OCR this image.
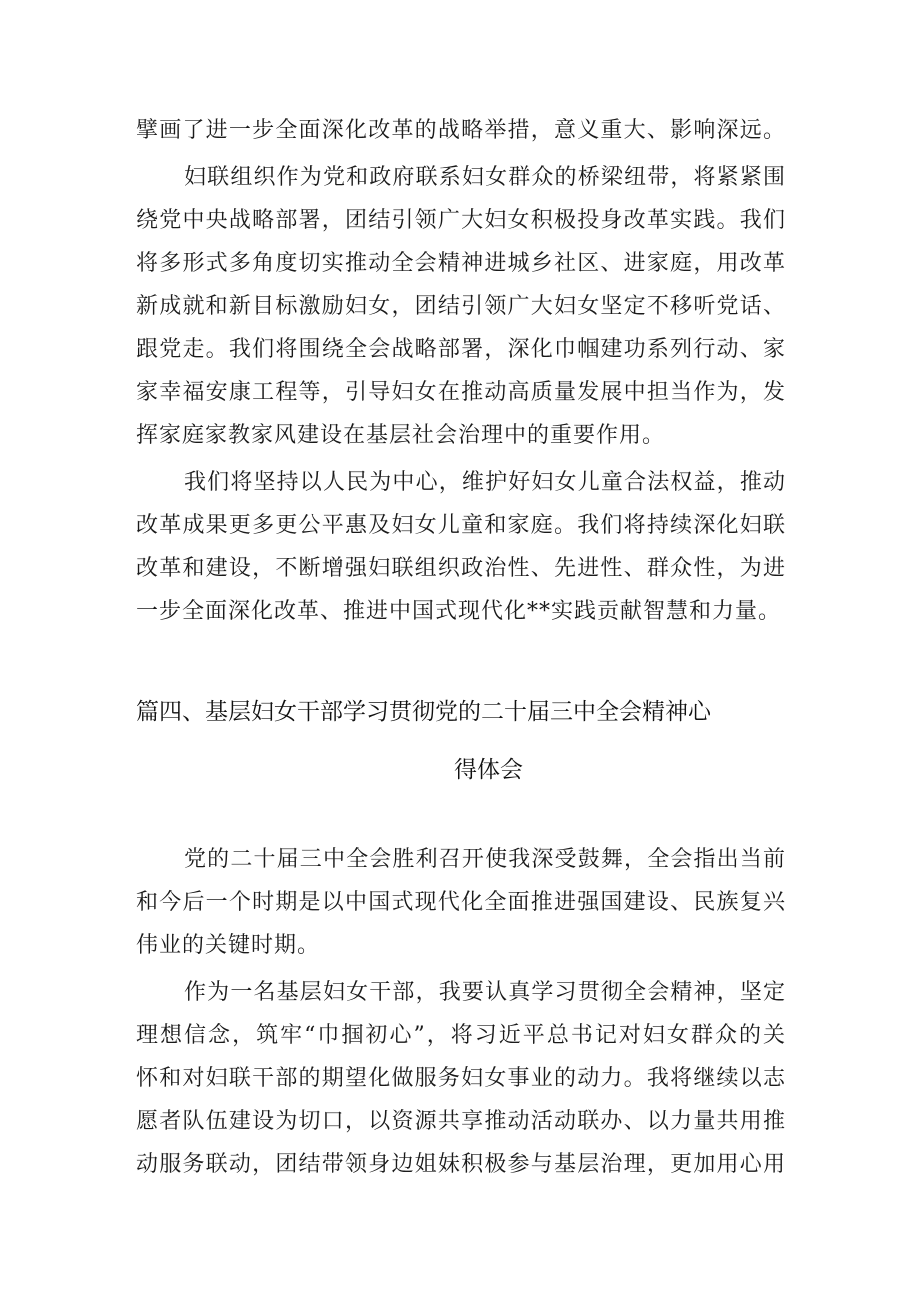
擘画了进一步全面深化改革的战略举措，意义重大、影响深远。
妇联组织作为党和政府联系妇女群众的桥梁纽带，将紧紧围
绕党中央战略部署，团结引领广大妇女积极投身改革实践。我们
将多形式多角度切实推动全会精神进城乡社区、进家庭，用改革
新成就和新目标激励妇女，团结引领广大妇女坚定不移听党话、
跟党走。我们将围绕全会战略部署，深化巾帼建功系列行动、家
家幸福安康工程等，引导妇女在推动高质量发展中担当作为，发
挥家庭家教家风建设在基层社会治理中的重要作用。
我们将坚持以人民为中心，维护好妇女儿童合法权益，推动
改革成果更多更公平惠及妇女儿童和家庭。我们将持续深化妇联
改革和建设，不断增强妇联组织政治性、先进性、群众性，为进
一步全面深化改革、推进中国式现代化**实践贡献智慧和力量。
篇四、基层妇女干部学习贯彻党的二十届三中全会精神心
得体会
党的二十届三中全会胜利召开使我深受鼓舞，全会指出当前
和今后一个时期是以中国式现代化全面推进强国建设、民族复兴
伟业的关键时期。
作为一名基层妇女干部，我要认真学习贯彻全会精神，坚定
理想信念，筑牢“巾掴初心”，将习近平总书记对妇女群众的关
怀和对妇联干部的期望化做服务妇女事业的动力。我将继续以志
愿者队伍建设为切口，以资源共享推动活动联办、以力量共用推
动服务联动，团结带领身边姐妹积极参与基层治理，更加用心用
